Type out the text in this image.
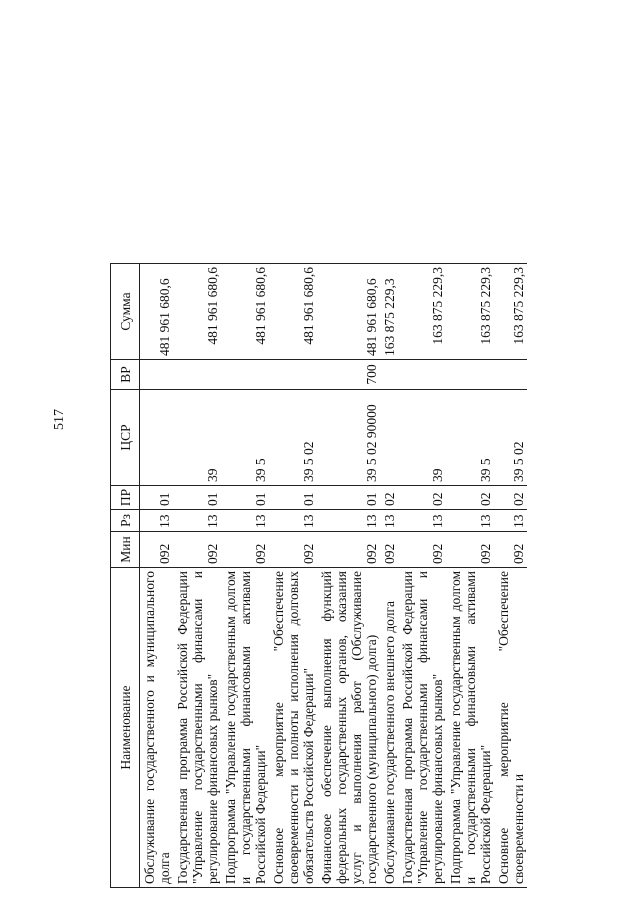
517
Наименование	Мин	Рз	ПР	ЦСР	ВР	Сумма
Обслуживание государственного и муниципального долга	092	13	01			481 961 680,6
Государственная программа Российской Федерации "Управление государственными финансами и регулирование финансовых рынков"	092	13	01	39		481 961 680,6
Подпрограмма "Управление государственным долгом и государственными финансовыми активами Российской Федерации"	092	13	01	39 5		481 961 680,6
Основное мероприятие "Обеспечение своевременности и полноты исполнения долговых обязательств Российской Федерации"	092	13	01	39 5 02		481 961 680,6
Финансовое обеспечение выполнения функций федеральных государственных органов, оказания услуг и выполнения работ (Обслуживание государственного (муниципального) долга)	092	13	01	39 5 02 90000	700	481 961 680,6
Обслуживание государственного внешнего долга	092	13	02			163 875 229,3
Государственная программа Российской Федерации "Управление государственными финансами и регулирование финансовых рынков"	092	13	02	39		163 875 229,3
Подпрограмма "Управление государственным долгом и государственными финансовыми активами Российской Федерации"	092	13	02	39 5		163 875 229,3
Основное мероприятие "Обеспечение своевременности и	092	13	02	39 5 02		163 875 229,3
